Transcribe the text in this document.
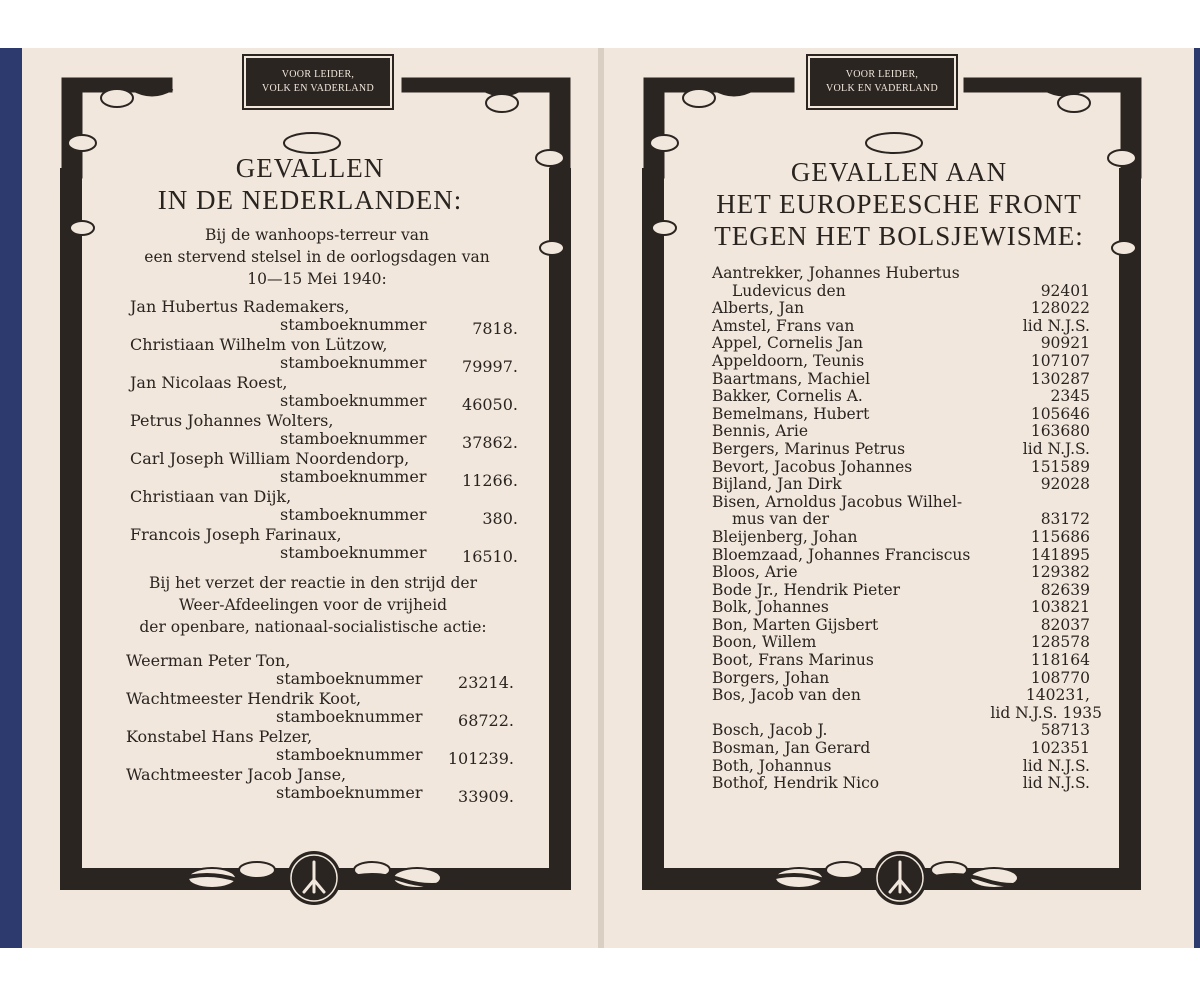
VOOR LEIDER,
VOLK EN VADERLAND
GEVALLEN
IN DE NEDERLANDEN:
Bij de wanhoops-terreur van
een stervend stelsel in de oorlogsdagen van
10—15 Mei 1940:
Jan Hubertus Rademakers,
stamboeknummer	7818.
Christiaan Wilhelm von Lützow,
stamboeknummer 79997.
Jan Nicolaas Roest,
stamboeknummer 46050.
Petrus Johannes Wolters,
stamboeknummer 37862.
Carl Joseph William Noordendorp,
stamboeknummer 11266.
Christiaan van Dijk,
stamboeknummer	380.
Francois Joseph Farinaux,
stamboeknummer 16510.
Bij het verzet der reactie in den strijd der
Weer-Afdeelingen voor de vrijheid
der openbare, nationaal-socialistische actie:
Weerman Peter Ton,
stamboeknummer 23214.
Wachtmeester Hendrik Koot,
stamboeknummer 68722.
Konstabel Hans Pelzer,
stamboeknummer 101239.
Wachtmeester Jacob Janse,
stamboeknummer 33909.
VOOR LEIDER,
VOLK EN VADERLAND
GEVALLEN AAN
HET EUROPEESCHE FRONT
TEGEN HET BOLSJEWISME:
Aantrekker, Johannes Hubertus
Ludevicus den	92401
Alberts, Jan	128022
Amstel, Frans van	lid N.J.S.
Appel, Cornelis Jan	90921
Appeldoorn, Teunis	107107
Baartmans, Machiel	130287
Bakker, Cornelis A.	2345
Bemelmans, Hubert	105646
Bennis, Arie	163680
Bergers, Marinus Petrus	lid N.J.S.
Bevort, Jacobus Johannes	151589
Bijland, Jan Dirk	92028
Bisen, Arnoldus Jacobus Wilhel-
mus van der	83172
Bleijenberg, Johan	115686
Bloemzaad, Johannes Franciscus	141895
Bloos, Arie	129382
Bode Jr., Hendrik Pieter	82639
Bolk, Johannes	103821
Bon, Marten Gijsbert	82037
Boon, Willem	128578
Boot, Frans Marinus	118164
Borgers, Johan	108770
Bos, Jacob van den	140231,
lid N.J.S. 1935
Bosch, Jacob J.	58713
Bosman, Jan Gerard	102351
Both, Johannus	lid N.J.S.
Bothof, Hendrik Nico	lid N.J.S.
